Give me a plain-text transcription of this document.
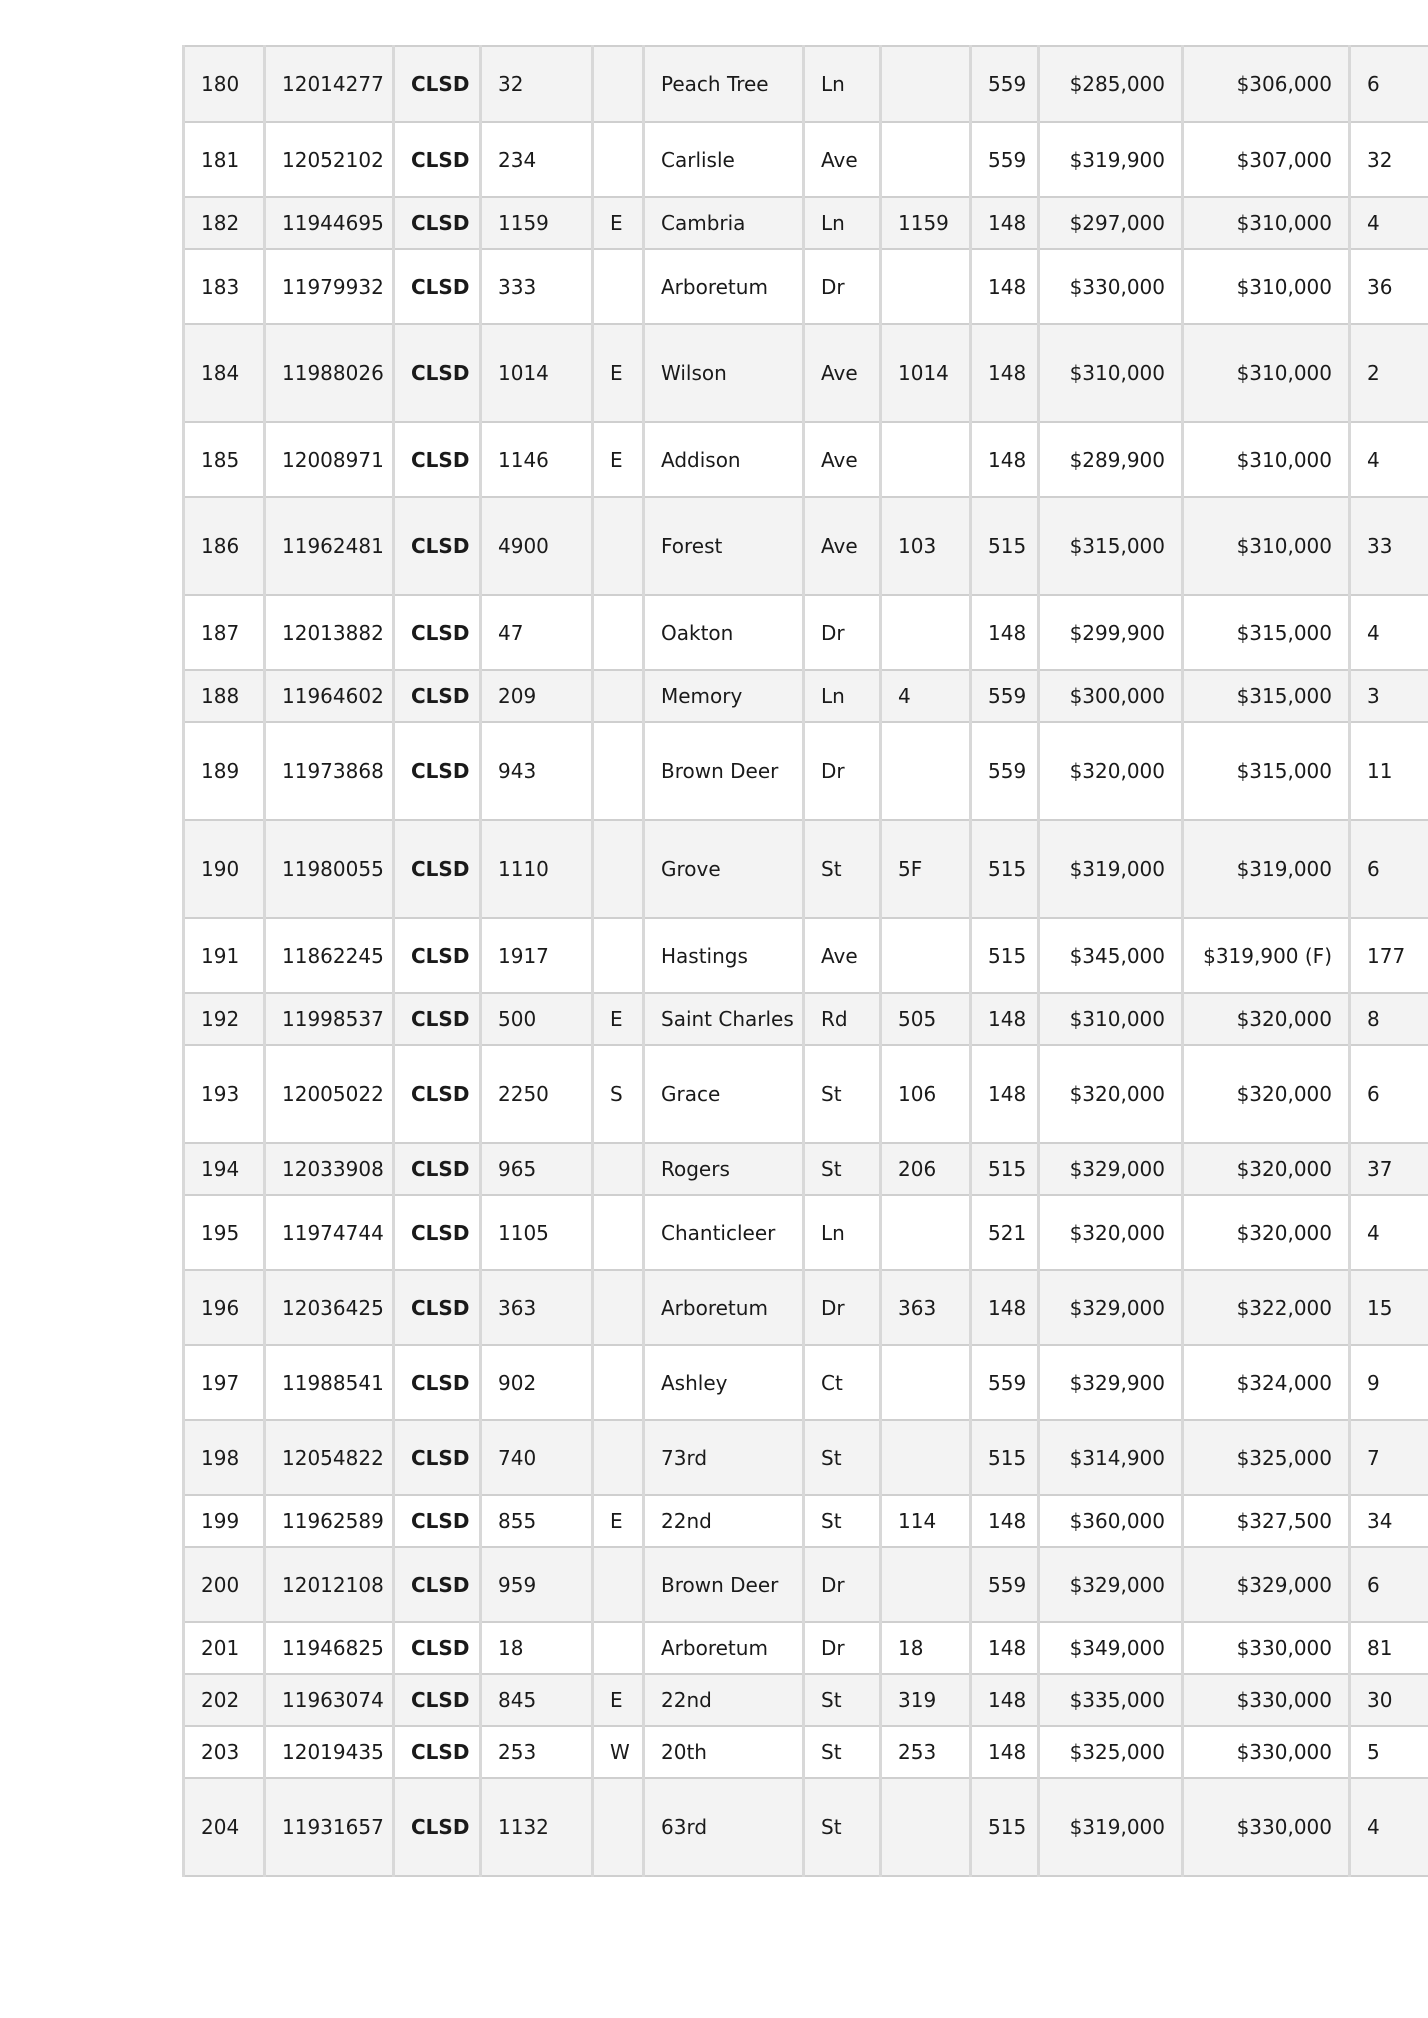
180	12014277	CLSD	32		Peach Tree	Ln		559	$285,000	$306,000	6
181	12052102	CLSD	234		Carlisle	Ave		559	$319,900	$307,000	32
182	11944695	CLSD	1159	E	Cambria	Ln	1159	148	$297,000	$310,000	4
183	11979932	CLSD	333		Arboretum	Dr		148	$330,000	$310,000	36
184	11988026	CLSD	1014	E	Wilson	Ave	1014	148	$310,000	$310,000	2
185	12008971	CLSD	1146	E	Addison	Ave		148	$289,900	$310,000	4
186	11962481	CLSD	4900		Forest	Ave	103	515	$315,000	$310,000	33
187	12013882	CLSD	47		Oakton	Dr		148	$299,900	$315,000	4
188	11964602	CLSD	209		Memory	Ln	4	559	$300,000	$315,000	3
189	11973868	CLSD	943		Brown Deer	Dr		559	$320,000	$315,000	11
190	11980055	CLSD	1110		Grove	St	5F	515	$319,000	$319,000	6
191	11862245	CLSD	1917		Hastings	Ave		515	$345,000	$319,900 (F)	177
192	11998537	CLSD	500	E	Saint Charles	Rd	505	148	$310,000	$320,000	8
193	12005022	CLSD	2250	S	Grace	St	106	148	$320,000	$320,000	6
194	12033908	CLSD	965		Rogers	St	206	515	$329,000	$320,000	37
195	11974744	CLSD	1105		Chanticleer	Ln		521	$320,000	$320,000	4
196	12036425	CLSD	363		Arboretum	Dr	363	148	$329,000	$322,000	15
197	11988541	CLSD	902		Ashley	Ct		559	$329,900	$324,000	9
198	12054822	CLSD	740		73rd	St		515	$314,900	$325,000	7
199	11962589	CLSD	855	E	22nd	St	114	148	$360,000	$327,500	34
200	12012108	CLSD	959		Brown Deer	Dr		559	$329,000	$329,000	6
201	11946825	CLSD	18		Arboretum	Dr	18	148	$349,000	$330,000	81
202	11963074	CLSD	845	E	22nd	St	319	148	$335,000	$330,000	30
203	12019435	CLSD	253	W	20th	St	253	148	$325,000	$330,000	5
204	11931657	CLSD	1132		63rd	St		515	$319,000	$330,000	4
